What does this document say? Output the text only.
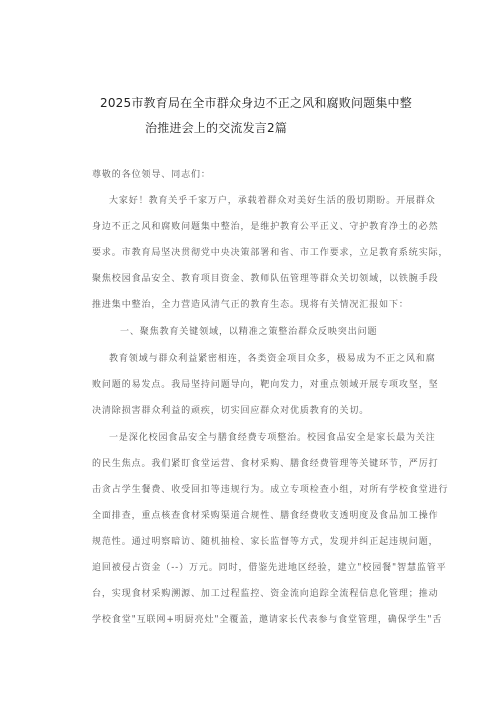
2025市教育局在全市群众身边不正之风和腐败问题集中整
治推进会上的交流发言2篇
尊敬的各位领导、同志们：
大家好！教育关乎千家万户，承载着群众对美好生活的殷切期盼。开展群众
身边不正之风和腐败问题集中整治，是维护教育公平正义、守护教育净土的必然
要求。市教育局坚决贯彻党中央决策部署和省、市工作要求，立足教育系统实际，
聚焦校园食品安全、教育项目资金、教师队伍管理等群众关切领域，以铁腕手段
推进集中整治，全力营造风清气正的教育生态。现将有关情况汇报如下：
一、聚焦教育关键领域，以精准之策整治群众反映突出问题
教育领域与群众利益紧密相连，各类资金项目众多，极易成为不正之风和腐
败问题的易发点。我局坚持问题导向，靶向发力，对重点领域开展专项攻坚，坚
决清除损害群众利益的顽疾，切实回应群众对优质教育的关切。
一是深化校园食品安全与膳食经费专项整治。校园食品安全是家长最为关注
的民生焦点。我们紧盯食堂运营、食材采购、膳食经费管理等关键环节，严厉打
击贪占学生餐费、收受回扣等违规行为。成立专项检查小组，对所有学校食堂进行
全面排查，重点核查食材采购渠道合规性、膳食经费收支透明度及食品加工操作
规范性。通过明察暗访、随机抽检、家长监督等方式，发现并纠正起违规问题，
追回被侵占资金（--）万元。同时，借鉴先进地区经验，建立"校园餐"智慧监管平
台，实现食材采购溯源、加工过程监控、资金流向追踪全流程信息化管理；推动
学校食堂"互联网+明厨亮灶"全覆盖，邀请家长代表参与食堂管理，确保学生"舌
